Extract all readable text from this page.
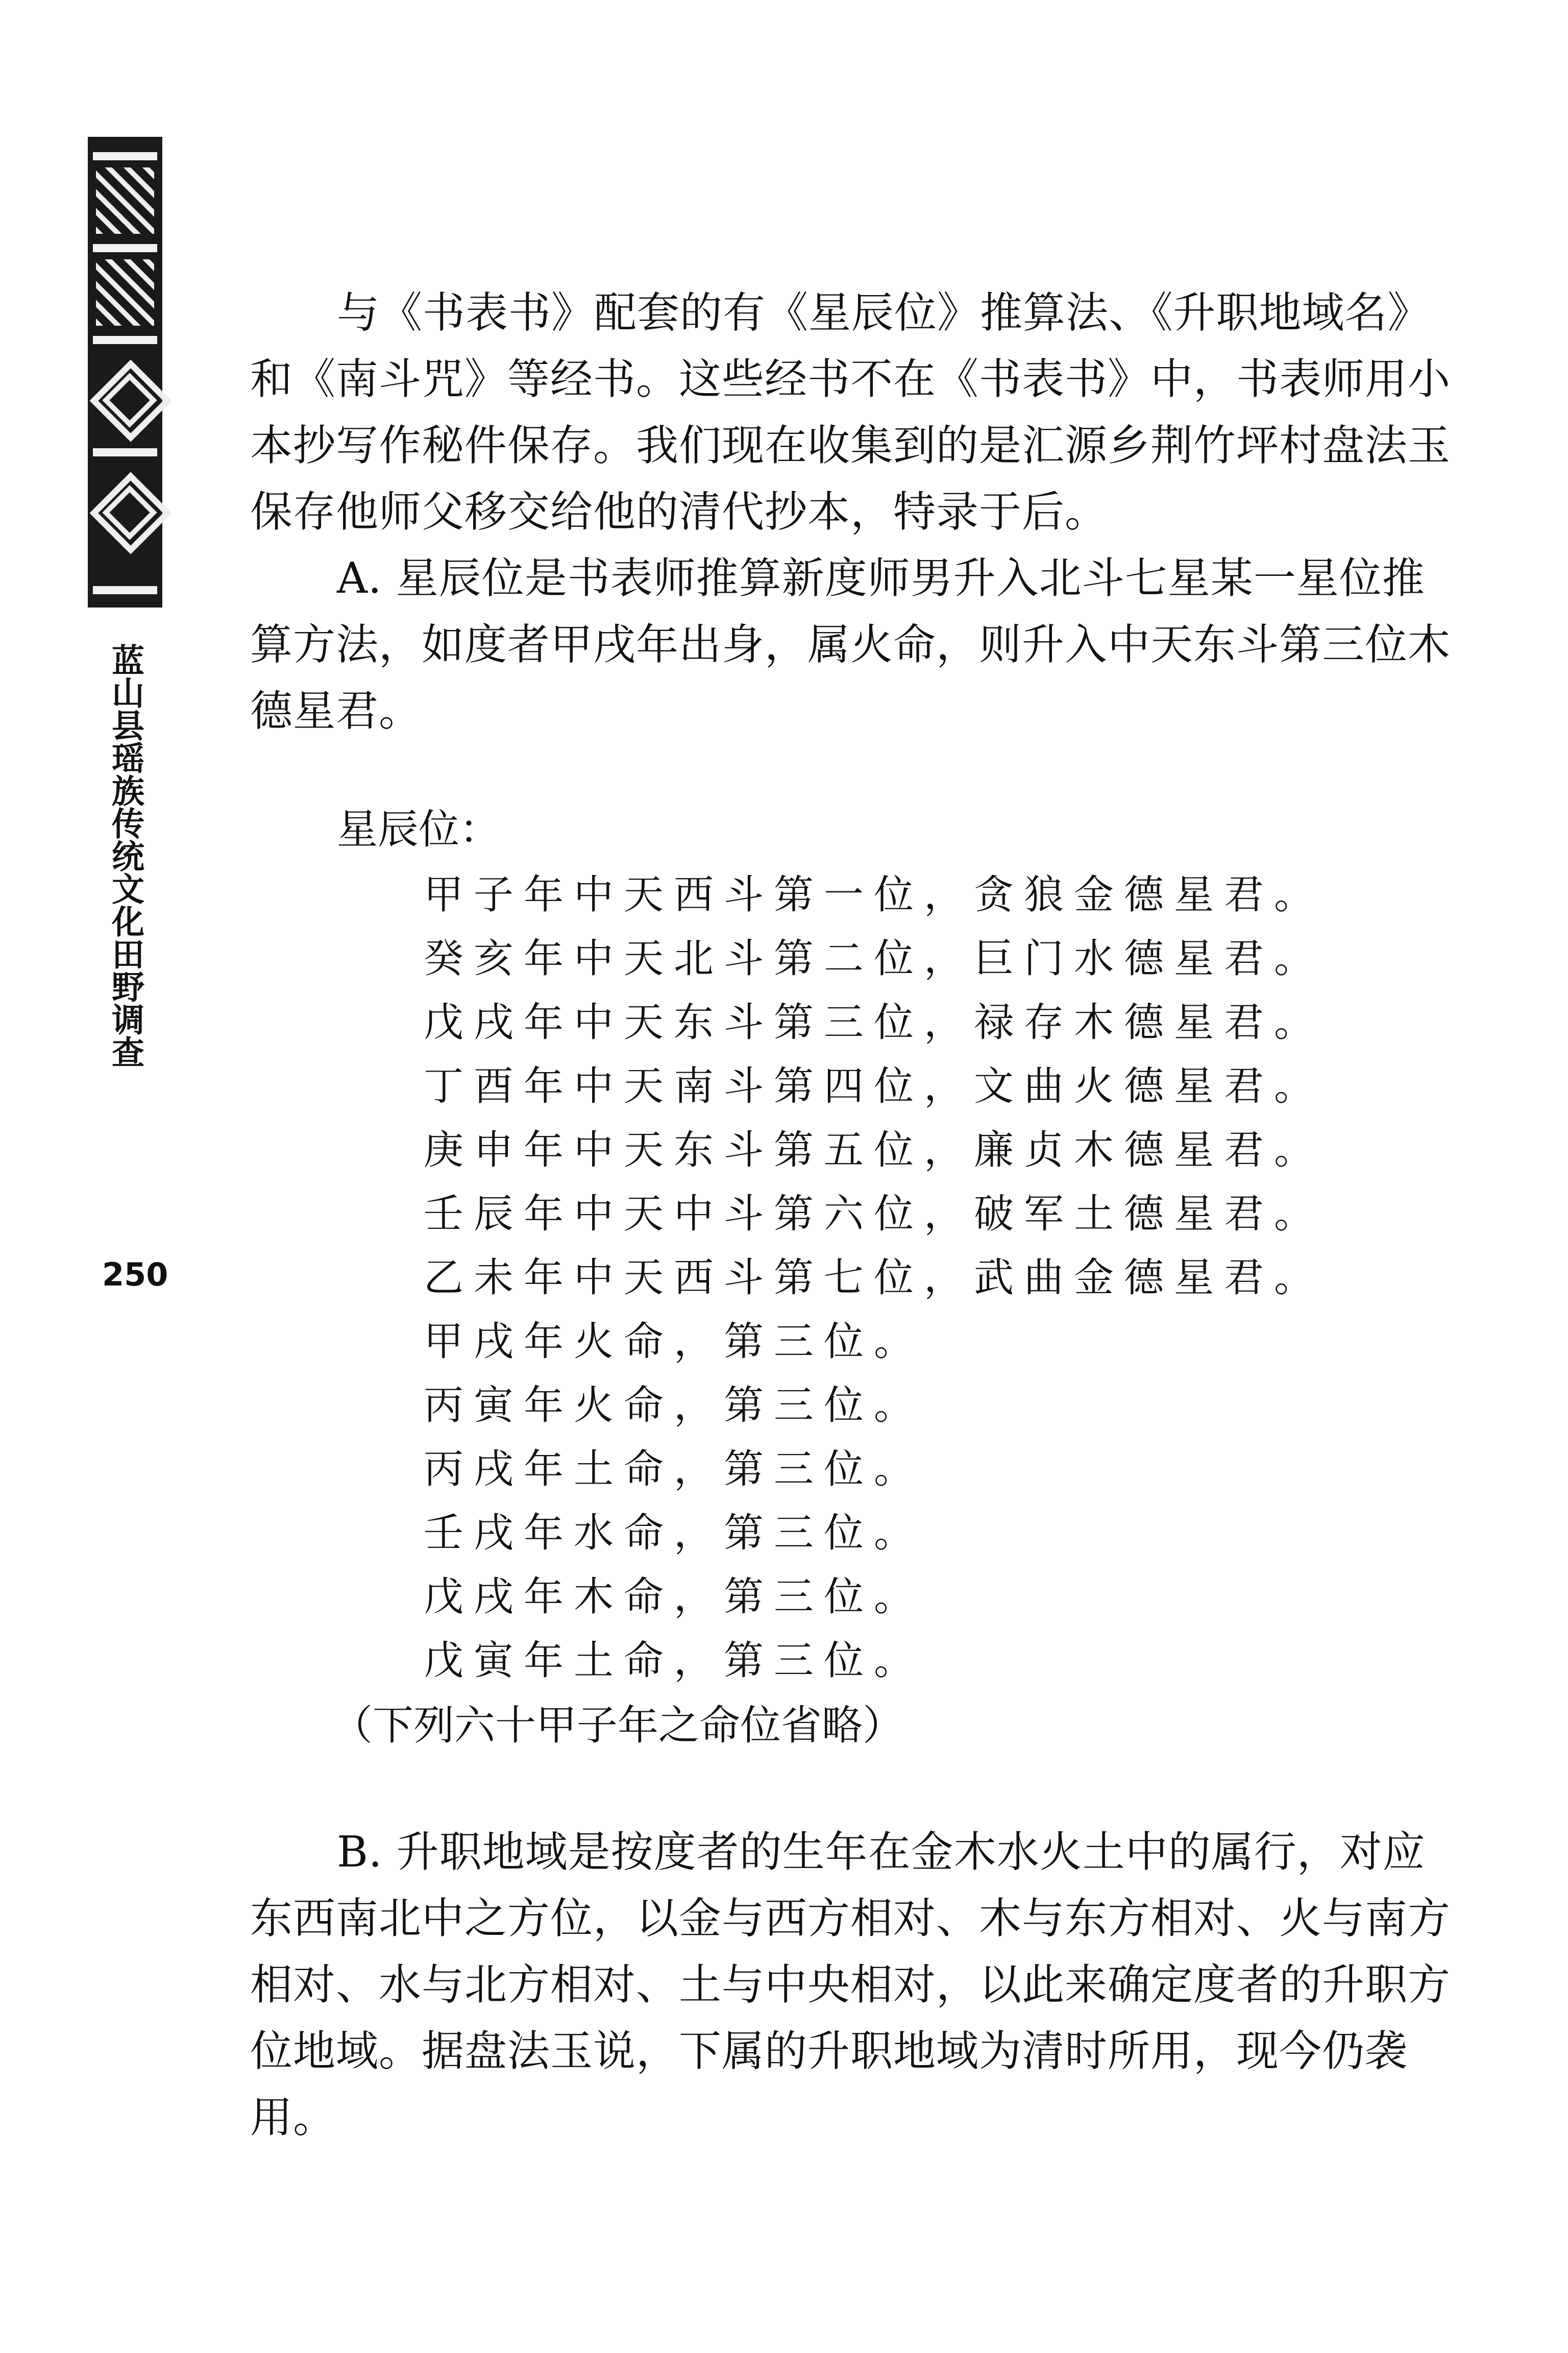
蓝山县瑶族传统文化田野调查
250
与《书表书》配套的有《星辰位》推算法、《升职地域名》
和《南斗咒》等经书。这些经书不在《书表书》中，书表师用小
本抄写作秘件保存。我们现在收集到的是汇源乡荆竹坪村盘法玉
保存他师父移交给他的清代抄本，特录于后。
A. 星辰位是书表师推算新度师男升入北斗七星某一星位推
算方法，如度者甲戌年出身，属火命，则升入中天东斗第三位木
德星君。
星辰位：
甲子年中天西斗第一位，贪狼金德星君。
癸亥年中天北斗第二位，巨门水德星君。
戊戌年中天东斗第三位，禄存木德星君。
丁酉年中天南斗第四位，文曲火德星君。
庚申年中天东斗第五位，廉贞木德星君。
壬辰年中天中斗第六位，破军土德星君。
乙未年中天西斗第七位，武曲金德星君。
甲戌年火命，第三位。
丙寅年火命，第三位。
丙戌年土命，第三位。
壬戌年水命，第三位。
戊戌年木命，第三位。
戊寅年土命，第三位。
（下列六十甲子年之命位省略）
B. 升职地域是按度者的生年在金木水火土中的属行，对应
东西南北中之方位，以金与西方相对、木与东方相对、火与南方
相对、水与北方相对、土与中央相对，以此来确定度者的升职方
位地域。据盘法玉说，下属的升职地域为清时所用，现今仍袭
用。
